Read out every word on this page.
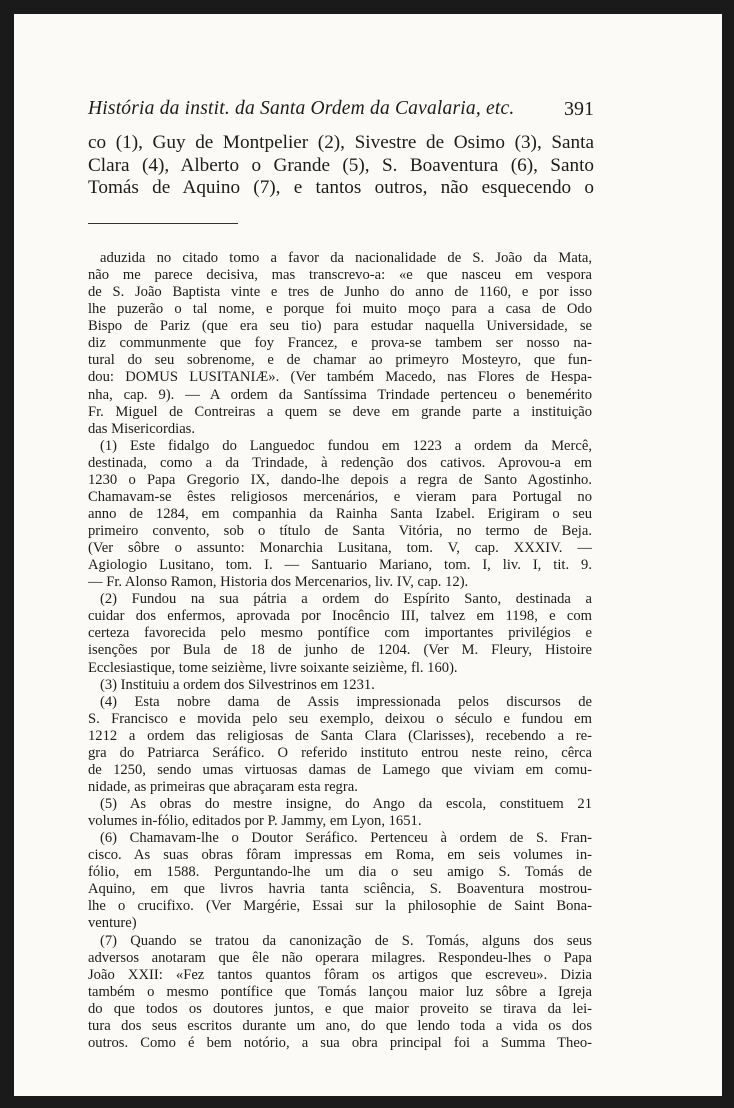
História da instit. da Santa Ordem da Cavalaria, etc.	391
co (1), Guy de Montpelier (2), Sivestre de Osimo (3), Santa
Clara (4), Alberto o Grande (5), S. Boaventura (6), Santo
Tomás de Aquino (7), e tantos outros, não esquecendo o
aduzida no citado tomo a favor da nacionalidade de S. João da Mata,
não me parece decisiva, mas transcrevo-a: «e que nasceu em vespora
de S. João Baptista vinte e tres de Junho do anno de 1160, e por isso
lhe puzerão o tal nome, e porque foi muito moço para a casa de Odo
Bispo de Pariz (que era seu tio) para estudar naquella Universidade, se
diz communmente que foy Francez, e prova-se tambem ser nosso na-
tural do seu sobrenome, e de chamar ao primeyro Mosteyro, que fun-
dou: DOMUS LUSITANIÆ». (Ver também Macedo, nas Flores de Hespa-
nha, cap. 9). — A ordem da Santíssima Trindade pertenceu o benemérito
Fr. Miguel de Contreiras a quem se deve em grande parte a instituição
das Misericordias.
(1) Este fidalgo do Languedoc fundou em 1223 a ordem da Mercê,
destinada, como a da Trindade, à redenção dos cativos. Aprovou-a em
1230 o Papa Gregorio IX, dando-lhe depois a regra de Santo Agostinho.
Chamavam-se êstes religiosos mercenários, e vieram para Portugal no
anno de 1284, em companhia da Rainha Santa Izabel. Erigiram o seu
primeiro convento, sob o título de Santa Vitória, no termo de Beja.
(Ver sôbre o assunto: Monarchia Lusitana, tom. V, cap. XXXIV. —
Agiologio Lusitano, tom. I. — Santuario Mariano, tom. I, liv. I, tit. 9.
— Fr. Alonso Ramon, Historia dos Mercenarios, liv. IV, cap. 12).
(2) Fundou na sua pátria a ordem do Espírito Santo, destinada a
cuidar dos enfermos, aprovada por Inocêncio III, talvez em 1198, e com
certeza favorecida pelo mesmo pontífice com importantes privilégios e
isenções por Bula de 18 de junho de 1204. (Ver M. Fleury, Histoire
Ecclesiastique, tome seizième, livre soixante seizième, fl. 160).
(3) Instituiu a ordem dos Silvestrinos em 1231.
(4) Esta nobre dama de Assis impressionada pelos discursos de
S. Francisco e movida pelo seu exemplo, deixou o século e fundou em
1212 a ordem das religiosas de Santa Clara (Clarisses), recebendo a re-
gra do Patriarca Seráfico. O referido instituto entrou neste reino, cêrca
de 1250, sendo umas virtuosas damas de Lamego que viviam em comu-
nidade, as primeiras que abraçaram esta regra.
(5) As obras do mestre insigne, do Ango da escola, constituem 21
volumes in-fólio, editados por P. Jammy, em Lyon, 1651.
(6) Chamavam-lhe o Doutor Seráfico. Pertenceu à ordem de S. Fran-
cisco. As suas obras fôram impressas em Roma, em seis volumes in-
fólio, em 1588. Perguntando-lhe um dia o seu amigo S. Tomás de
Aquino, em que livros havria tanta sciência, S. Boaventura mostrou-
lhe o crucifixo. (Ver Margérie, Essai sur la philosophie de Saint Bona-
venture)
(7) Quando se tratou da canonização de S. Tomás, alguns dos seus
adversos anotaram que êle não operara milagres. Respondeu-lhes o Papa
João XXII: «Fez tantos quantos fôram os artigos que escreveu». Dizia
também o mesmo pontífice que Tomás lançou maior luz sôbre a Igreja
do que todos os doutores juntos, e que maior proveito se tirava da lei-
tura dos seus escritos durante um ano, do que lendo toda a vida os dos
outros. Como é bem notório, a sua obra principal foi a Summa Theo-
